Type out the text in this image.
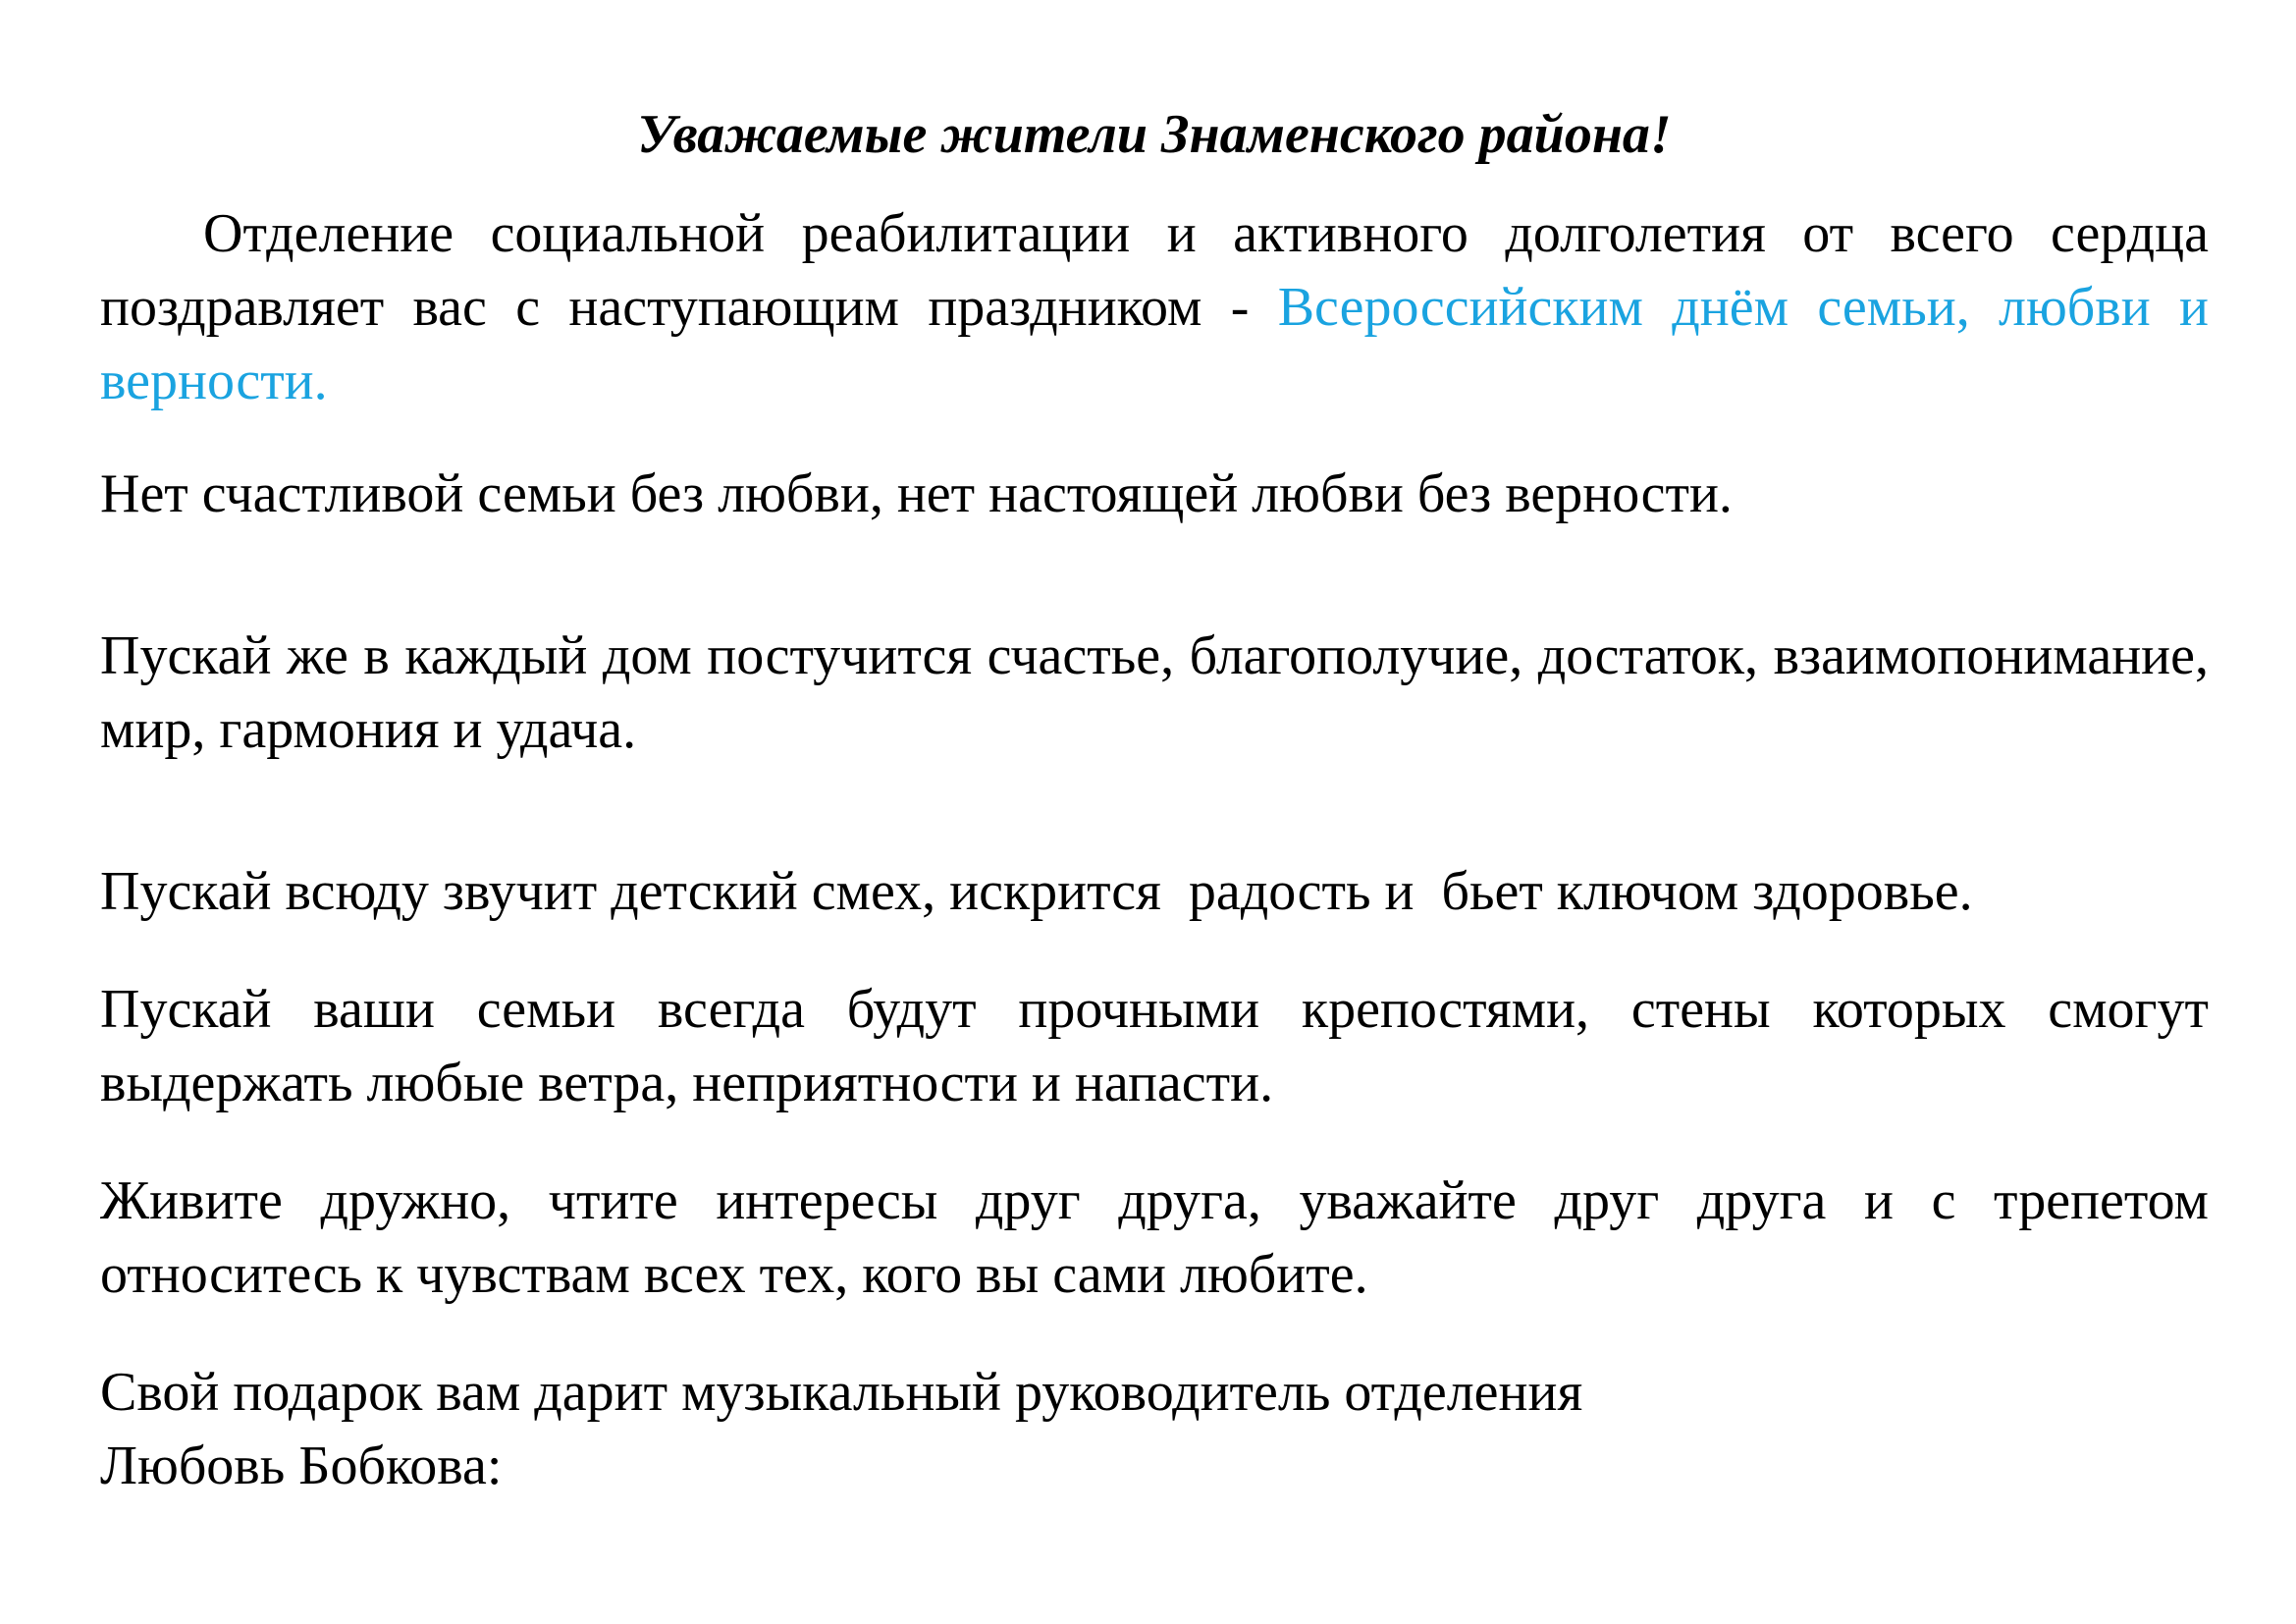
Уважаемые жители Знаменского района!

Отделение социальной реабилитации и активного долголетия от всего сердца поздравляет вас с наступающим праздником - Всероссийским днём семьи, любви и верности.

Нет счастливой семьи без любви, нет настоящей любви без верности.

Пускай же в каждый дом постучится счастье, благополучие, достаток, взаимопонимание, мир, гармония и удача.

Пускай всюду звучит детский смех, искрится  радость и  бьет ключом здоровье.

Пускай ваши семьи всегда будут прочными крепостями, стены которых смогут выдержать любые ветра, неприятности и напасти.

Живите дружно, чтите интересы друг друга, уважайте друг друга и с трепетом относитесь к чувствам всех тех, кого вы сами любите.

Свой подарок вам дарит музыкальный руководитель отделения
Любовь Бобкова:
